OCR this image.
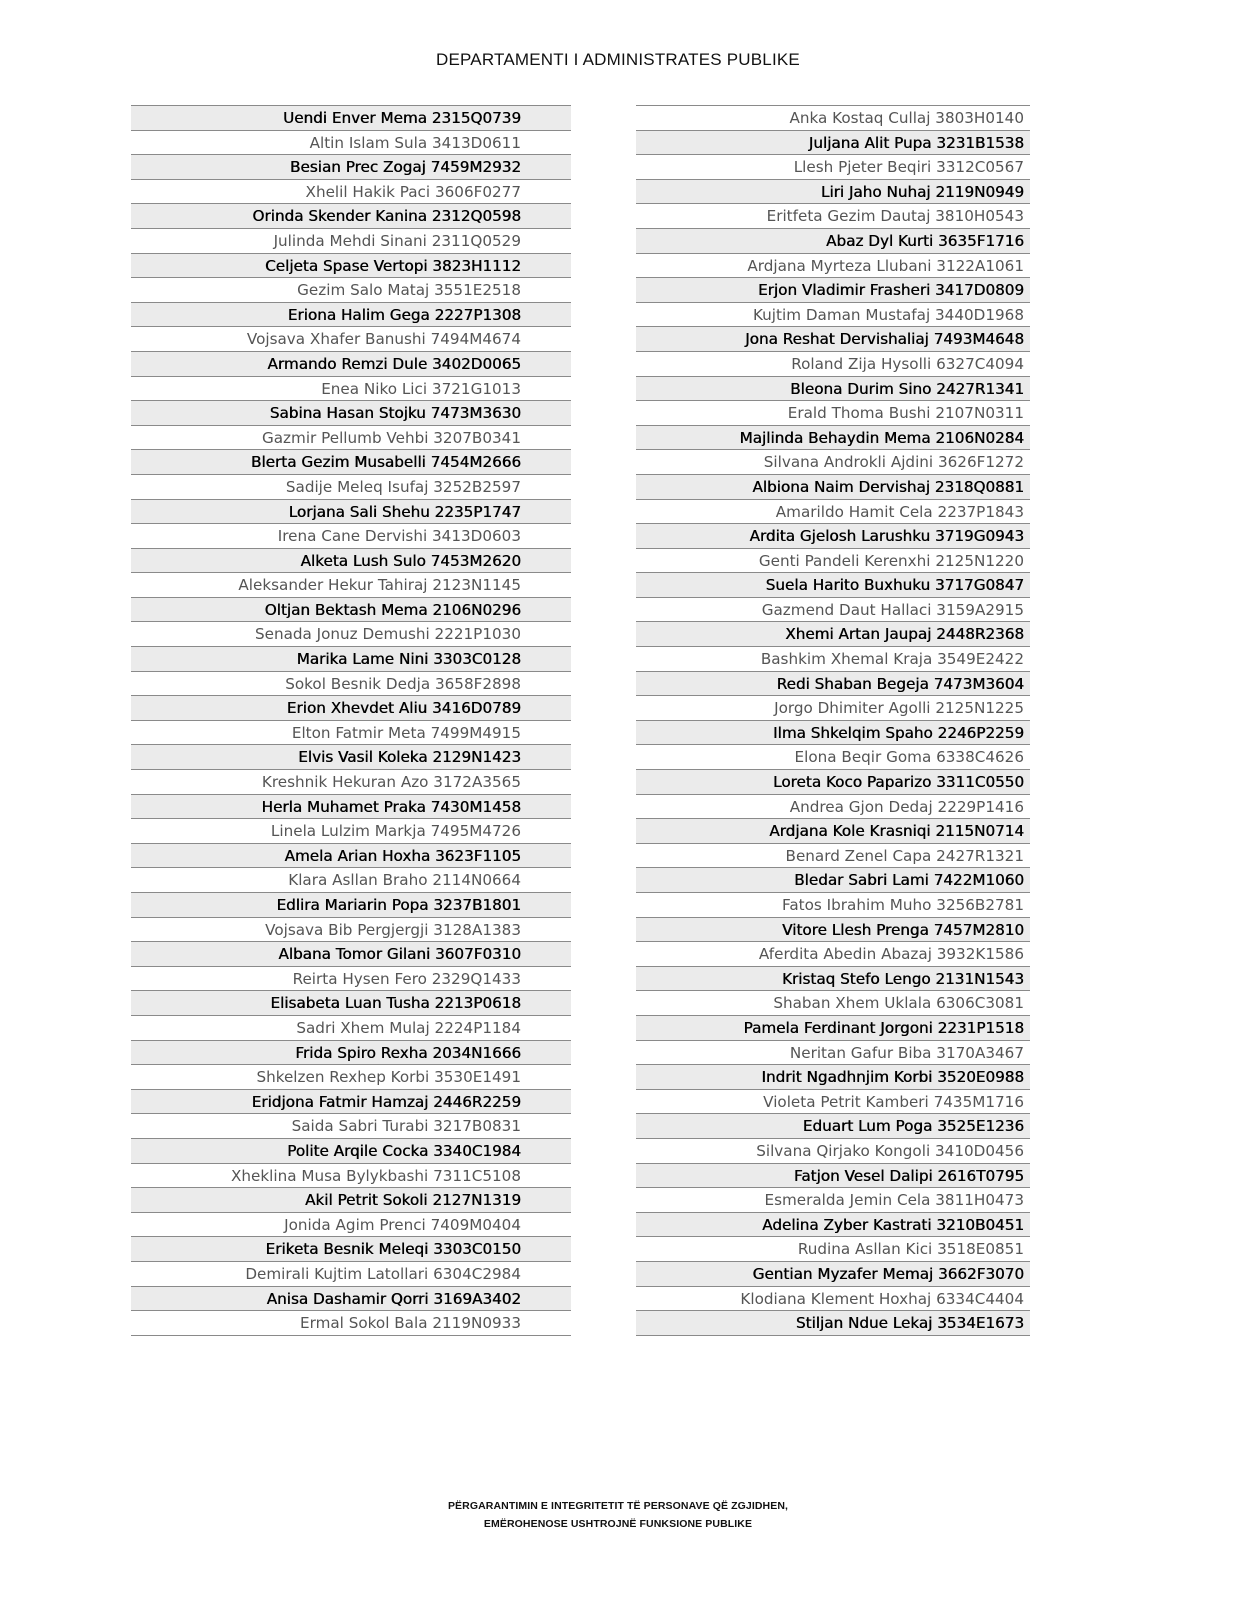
DEPARTAMENTI I ADMINISTRATES PUBLIKE
Uendi Enver Mema 2315Q0739
Altin Islam Sula 3413D0611
Besian Prec Zogaj 7459M2932
Xhelil Hakik Paci 3606F0277
Orinda Skender Kanina 2312Q0598
Julinda Mehdi Sinani 2311Q0529
Celjeta Spase Vertopi 3823H1112
Gezim Salo Mataj 3551E2518
Eriona Halim Gega 2227P1308
Vojsava Xhafer Banushi 7494M4674
Armando Remzi Dule 3402D0065
Enea Niko Lici 3721G1013
Sabina Hasan Stojku 7473M3630
Gazmir Pellumb Vehbi 3207B0341
Blerta Gezim Musabelli 7454M2666
Sadije Meleq Isufaj 3252B2597
Lorjana Sali Shehu 2235P1747
Irena Cane Dervishi 3413D0603
Alketa Lush Sulo 7453M2620
Aleksander Hekur Tahiraj 2123N1145
Oltjan Bektash Mema 2106N0296
Senada Jonuz Demushi 2221P1030
Marika Lame Nini 3303C0128
Sokol Besnik Dedja 3658F2898
Erion Xhevdet Aliu 3416D0789
Elton Fatmir Meta 7499M4915
Elvis Vasil Koleka 2129N1423
Kreshnik Hekuran Azo 3172A3565
Herla Muhamet Praka 7430M1458
Linela Lulzim Markja 7495M4726
Amela Arian Hoxha 3623F1105
Klara Asllan Braho 2114N0664
Edlira Mariarin Popa 3237B1801
Vojsava Bib Pergjergji 3128A1383
Albana Tomor Gilani 3607F0310
Reirta Hysen Fero 2329Q1433
Elisabeta Luan Tusha 2213P0618
Sadri Xhem Mulaj 2224P1184
Frida Spiro Rexha 2034N1666
Shkelzen Rexhep Korbi 3530E1491
Eridjona Fatmir Hamzaj 2446R2259
Saida Sabri Turabi 3217B0831
Polite Arqile Cocka 3340C1984
Xheklina Musa Bylykbashi 7311C5108
Akil Petrit Sokoli 2127N1319
Jonida Agim Prenci 7409M0404
Eriketa Besnik Meleqi 3303C0150
Demirali Kujtim Latollari 6304C2984
Anisa Dashamir Qorri 3169A3402
Ermal Sokol Bala 2119N0933
Anka Kostaq Cullaj 3803H0140
Juljana Alit Pupa 3231B1538
Llesh Pjeter Beqiri 3312C0567
Liri Jaho Nuhaj 2119N0949
Eritfeta Gezim Dautaj 3810H0543
Abaz Dyl Kurti 3635F1716
Ardjana Myrteza Llubani 3122A1061
Erjon Vladimir Frasheri 3417D0809
Kujtim Daman Mustafaj 3440D1968
Jona Reshat Dervishaliaj 7493M4648
Roland Zija Hysolli 6327C4094
Bleona Durim Sino 2427R1341
Erald Thoma Bushi 2107N0311
Majlinda Behaydin Mema 2106N0284
Silvana Androkli Ajdini 3626F1272
Albiona Naim Dervishaj 2318Q0881
Amarildo Hamit Cela 2237P1843
Ardita Gjelosh Larushku 3719G0943
Genti Pandeli Kerenxhi 2125N1220
Suela Harito Buxhuku 3717G0847
Gazmend Daut Hallaci 3159A2915
Xhemi Artan Jaupaj 2448R2368
Bashkim Xhemal Kraja 3549E2422
Redi Shaban Begeja 7473M3604
Jorgo Dhimiter Agolli 2125N1225
Ilma Shkelqim Spaho 2246P2259
Elona Beqir Goma 6338C4626
Loreta Koco Paparizo 3311C0550
Andrea Gjon Dedaj 2229P1416
Ardjana Kole Krasniqi 2115N0714
Benard Zenel Capa 2427R1321
Bledar Sabri Lami 7422M1060
Fatos Ibrahim Muho 3256B2781
Vitore Llesh Prenga 7457M2810
Aferdita Abedin Abazaj 3932K1586
Kristaq Stefo Lengo 2131N1543
Shaban Xhem Uklala 6306C3081
Pamela Ferdinant Jorgoni 2231P1518
Neritan Gafur Biba 3170A3467
Indrit Ngadhnjim Korbi 3520E0988
Violeta Petrit Kamberi 7435M1716
Eduart Lum Poga 3525E1236
Silvana Qirjako Kongoli 3410D0456
Fatjon Vesel Dalipi 2616T0795
Esmeralda Jemin Cela 3811H0473
Adelina Zyber Kastrati 3210B0451
Rudina Asllan Kici 3518E0851
Gentian Myzafer Memaj 3662F3070
Klodiana Klement Hoxhaj 6334C4404
Stiljan Ndue Lekaj 3534E1673
PËRGARANTIMIN E INTEGRITETIT TË PERSONAVE QË ZGJIDHEN,
EMËROHENOSE USHTROJNË FUNKSIONE PUBLIKE
